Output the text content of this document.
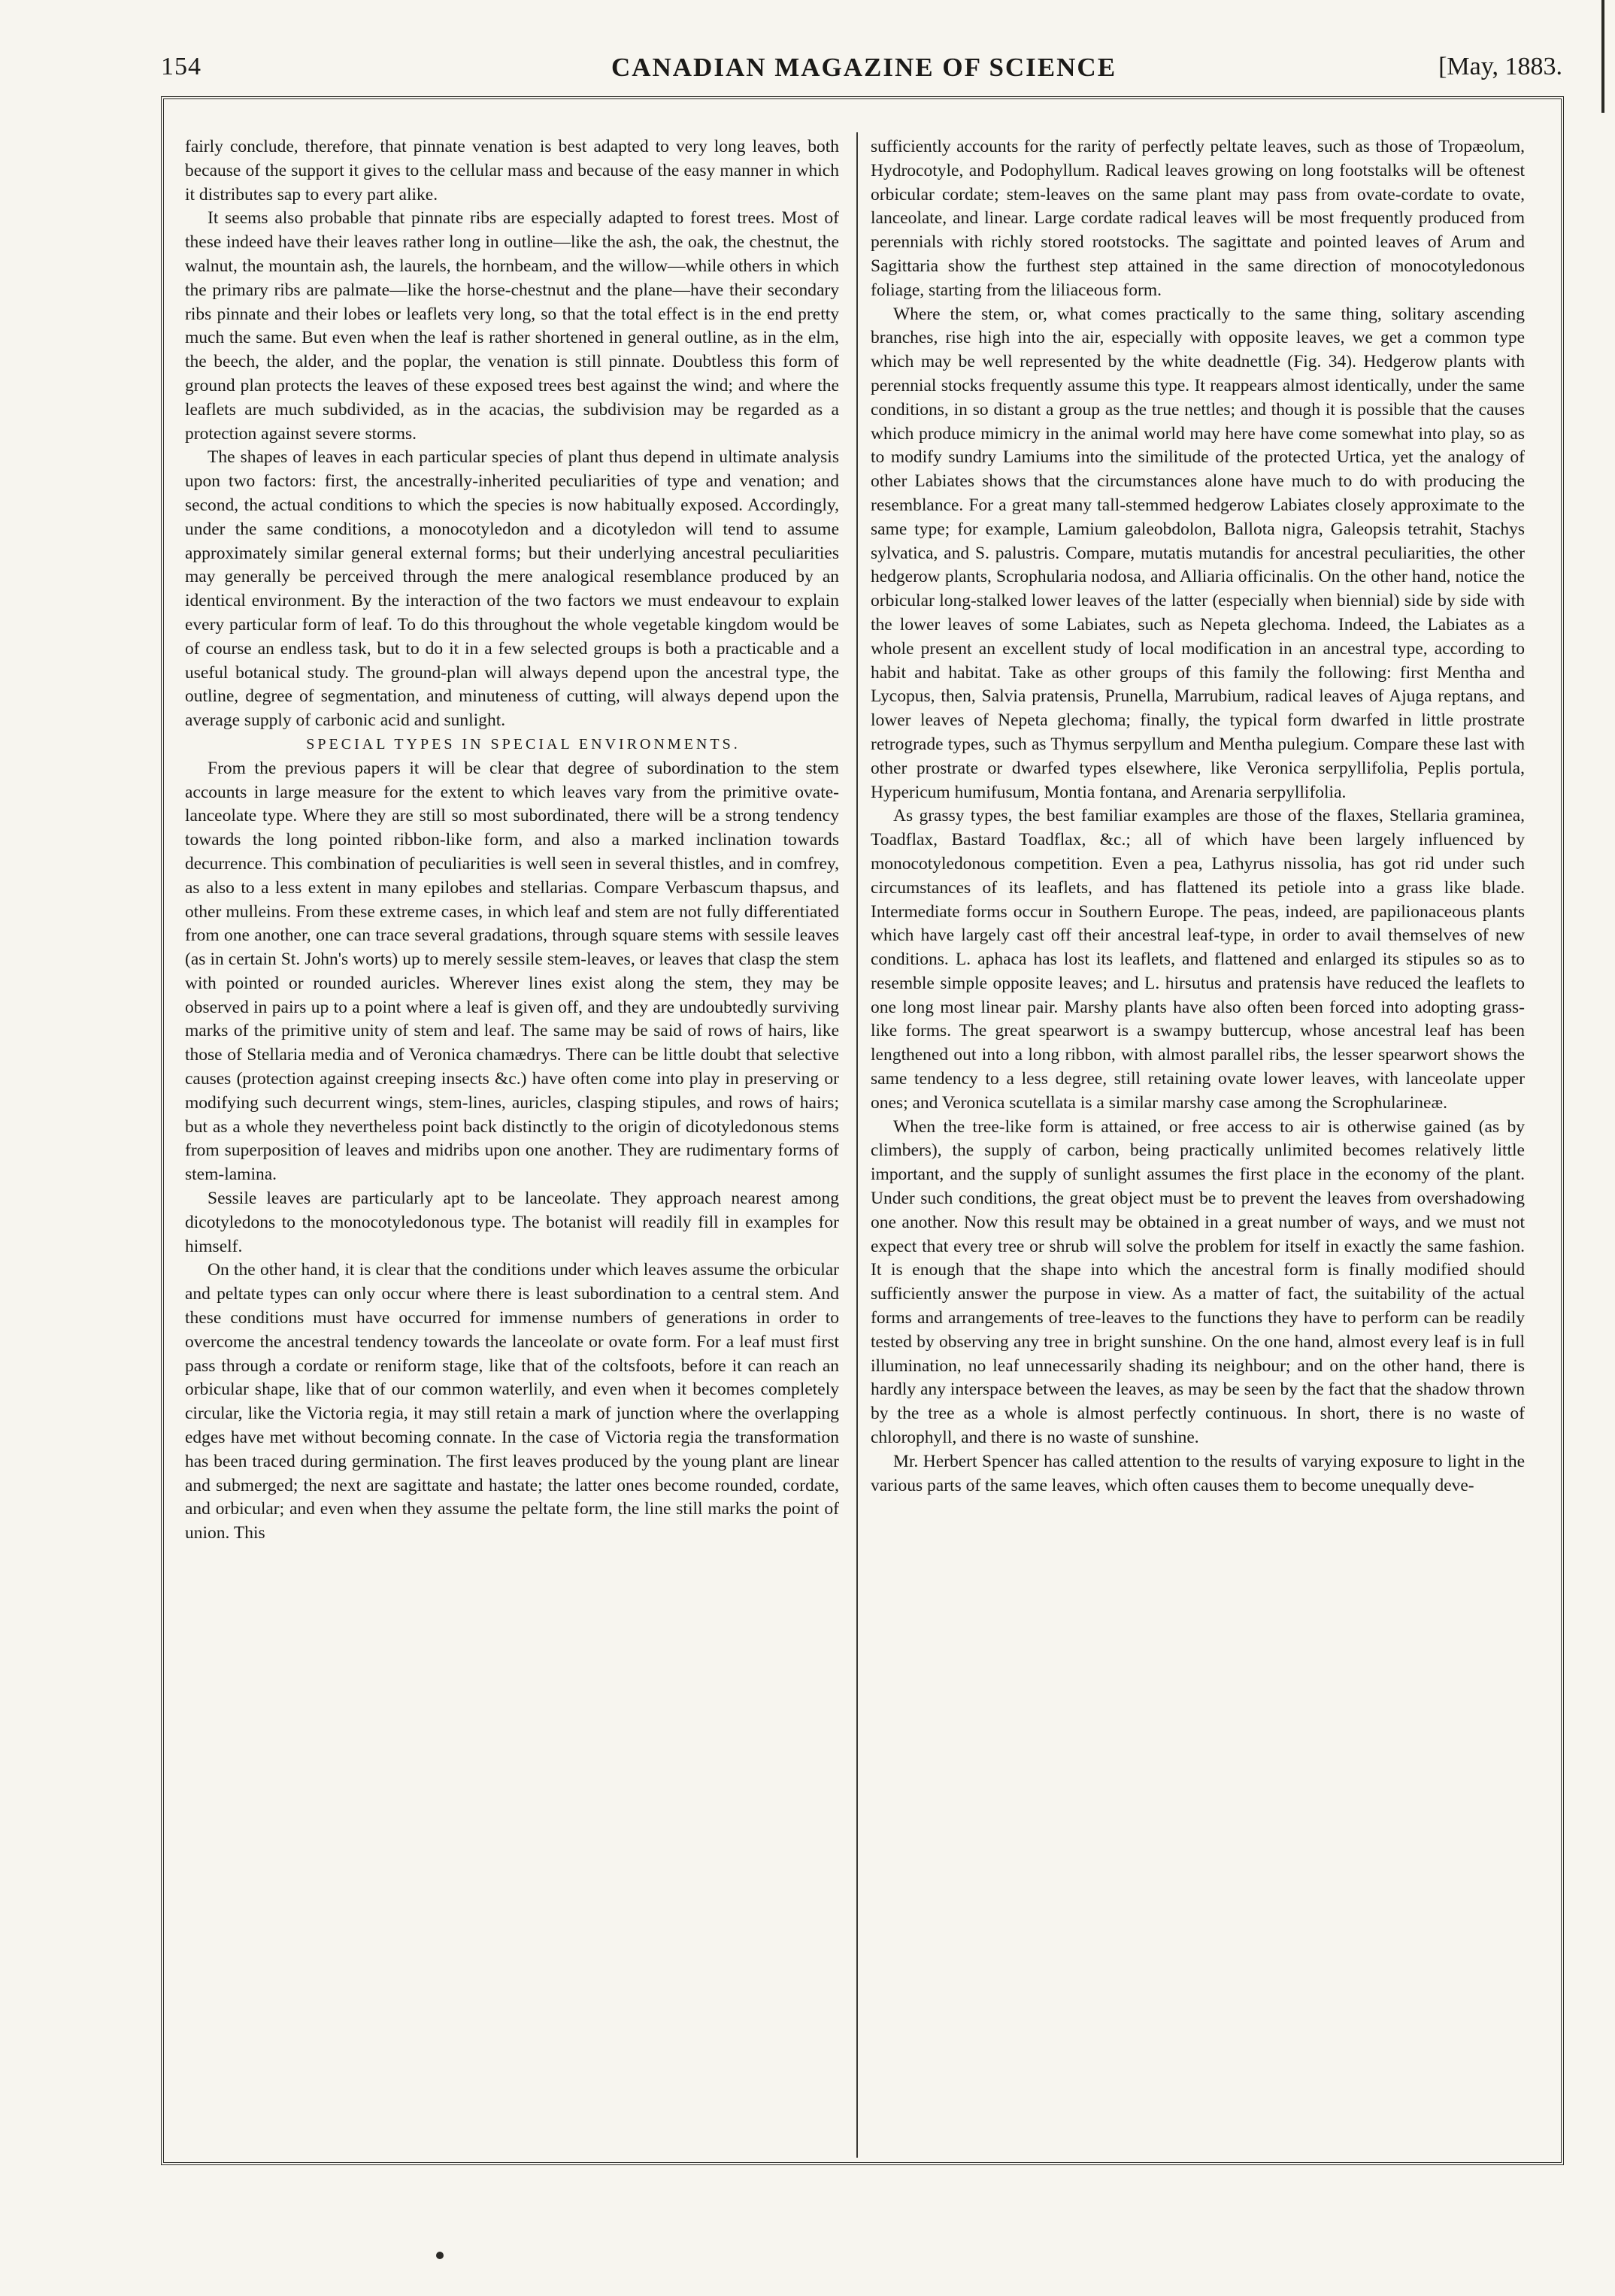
154	CANADIAN MAGAZINE OF SCIENCE	[May, 1883.

fairly conclude, therefore, that pinnate venation is best adapted to very long leaves, both because of the support it gives to the cellular mass and because of the easy manner in which it distributes sap to every part alike.

It seems also probable that pinnate ribs are especially adapted to forest trees. Most of these indeed have their leaves rather long in outline—like the ash, the oak, the chestnut, the walnut, the mountain ash, the laurels, the hornbeam, and the willow—while others in which the primary ribs are palmate—like the horse-chestnut and the plane—have their secondary ribs pinnate and their lobes or leaflets very long, so that the total effect is in the end pretty much the same. But even when the leaf is rather shortened in general outline, as in the elm, the beech, the alder, and the poplar, the venation is still pinnate. Doubtless this form of ground plan protects the leaves of these exposed trees best against the wind; and where the leaflets are much subdivided, as in the acacias, the subdivision may be regarded as a protection against severe storms.

The shapes of leaves in each particular species of plant thus depend in ultimate analysis upon two factors: first, the ancestrally-inherited peculiarities of type and venation; and second, the actual conditions to which the species is now habitually exposed. Accordingly, under the same conditions, a monocotyledon and a dicotyledon will tend to assume approximately similar general external forms; but their underlying ancestral peculiarities may generally be perceived through the mere analogical resemblance produced by an identical environment. By the interaction of the two factors we must endeavour to explain every particular form of leaf. To do this throughout the whole vegetable kingdom would be of course an endless task, but to do it in a few selected groups is both a practicable and a useful botanical study. The ground-plan will always depend upon the ancestral type, the outline, degree of segmentation, and minuteness of cutting, will always depend upon the average supply of carbonic acid and sunlight.

SPECIAL TYPES IN SPECIAL ENVIRONMENTS.

From the previous papers it will be clear that degree of subordination to the stem accounts in large measure for the extent to which leaves vary from the primitive ovate-lanceolate type. Where they are still so most subordinated, there will be a strong tendency towards the long pointed ribbon-like form, and also a marked inclination towards decurrence. This combination of peculiarities is well seen in several thistles, and in comfrey, as also to a less extent in many epilobes and stellarias. Compare Verbascum thapsus, and other mulleins. From these extreme cases, in which leaf and stem are not fully differentiated from one another, one can trace several gradations, through square stems with sessile leaves (as in certain St. John's worts) up to merely sessile stem-leaves, or leaves that clasp the stem with pointed or rounded auricles. Wherever lines exist along the stem, they may be observed in pairs up to a point where a leaf is given off, and they are undoubtedly surviving marks of the primitive unity of stem and leaf. The same may be said of rows of hairs, like those of Stellaria media and of Veronica chamædrys. There can be little doubt that selective causes (protection against creeping insects &c.) have often come into play in preserving or modifying such decurrent wings, stem-lines, auricles, clasping stipules, and rows of hairs; but as a whole they nevertheless point back distinctly to the origin of dicotyledonous stems from superposition of leaves and midribs upon one another. They are rudimentary forms of stem-lamina.

Sessile leaves are particularly apt to be lanceolate. They approach nearest among dicotyledons to the monocotyledonous type. The botanist will readily fill in examples for himself.

On the other hand, it is clear that the conditions under which leaves assume the orbicular and peltate types can only occur where there is least subordination to a central stem. And these conditions must have occurred for immense numbers of generations in order to overcome the ancestral tendency towards the lanceolate or ovate form. For a leaf must first pass through a cordate or reniform stage, like that of the coltsfoots, before it can reach an orbicular shape, like that of our common waterlily, and even when it becomes completely circular, like the Victoria regia, it may still retain a mark of junction where the overlapping edges have met without becoming connate. In the case of Victoria regia the transformation has been traced during germination. The first leaves produced by the young plant are linear and submerged; the next are sagittate and hastate; the latter ones become rounded, cordate, and orbicular; and even when they assume the peltate form, the line still marks the point of union. This

sufficiently accounts for the rarity of perfectly peltate leaves, such as those of Tropæolum, Hydrocotyle, and Podophyllum. Radical leaves growing on long footstalks will be oftenest orbicular cordate; stem-leaves on the same plant may pass from ovate-cordate to ovate, lanceolate, and linear. Large cordate radical leaves will be most frequently produced from perennials with richly stored rootstocks. The sagittate and pointed leaves of Arum and Sagittaria show the furthest step attained in the same direction of monocotyledonous foliage, starting from the liliaceous form.

Where the stem, or, what comes practically to the same thing, solitary ascending branches, rise high into the air, especially with opposite leaves, we get a common type which may be well represented by the white deadnettle (Fig. 34). Hedgerow plants with perennial stocks frequently assume this type. It reappears almost identically, under the same conditions, in so distant a group as the true nettles; and though it is possible that the causes which produce mimicry in the animal world may here have come somewhat into play, so as to modify sundry Lamiums into the similitude of the protected Urtica, yet the analogy of other Labiates shows that the circumstances alone have much to do with producing the resemblance. For a great many tall-stemmed hedgerow Labiates closely approximate to the same type; for example, Lamium galeobdolon, Ballota nigra, Galeopsis tetrahit, Stachys sylvatica, and S. palustris. Compare, mutatis mutandis for ancestral peculiarities, the other hedgerow plants, Scrophularia nodosa, and Alliaria officinalis. On the other hand, notice the orbicular long-stalked lower leaves of the latter (especially when biennial) side by side with the lower leaves of some Labiates, such as Nepeta glechoma. Indeed, the Labiates as a whole present an excellent study of local modification in an ancestral type, according to habit and habitat. Take as other groups of this family the following: first Mentha and Lycopus, then, Salvia pratensis, Prunella, Marrubium, radical leaves of Ajuga reptans, and lower leaves of Nepeta glechoma; finally, the typical form dwarfed in little prostrate retrograde types, such as Thymus serpyllum and Mentha pulegium. Compare these last with other prostrate or dwarfed types elsewhere, like Veronica serpyllifolia, Peplis portula, Hypericum humifusum, Montia fontana, and Arenaria serpyllifolia.

As grassy types, the best familiar examples are those of the flaxes, Stellaria graminea, Toadflax, Bastard Toadflax, &c.; all of which have been largely influenced by monocotyledonous competition. Even a pea, Lathyrus nissolia, has got rid under such circumstances of its leaflets, and has flattened its petiole into a grass like blade. Intermediate forms occur in Southern Europe. The peas, indeed, are papilionaceous plants which have largely cast off their ancestral leaf-type, in order to avail themselves of new conditions. L. aphaca has lost its leaflets, and flattened and enlarged its stipules so as to resemble simple opposite leaves; and L. hirsutus and pratensis have reduced the leaflets to one long most linear pair. Marshy plants have also often been forced into adopting grass-like forms. The great spearwort is a swampy buttercup, whose ancestral leaf has been lengthened out into a long ribbon, with almost parallel ribs, the lesser spearwort shows the same tendency to a less degree, still retaining ovate lower leaves, with lanceolate upper ones; and Veronica scutellata is a similar marshy case among the Scrophularineæ.

When the tree-like form is attained, or free access to air is otherwise gained (as by climbers), the supply of carbon, being practically unlimited becomes relatively little important, and the supply of sunlight assumes the first place in the economy of the plant. Under such conditions, the great object must be to prevent the leaves from overshadowing one another. Now this result may be obtained in a great number of ways, and we must not expect that every tree or shrub will solve the problem for itself in exactly the same fashion. It is enough that the shape into which the ancestral form is finally modified should sufficiently answer the purpose in view. As a matter of fact, the suitability of the actual forms and arrangements of tree-leaves to the functions they have to perform can be readily tested by observing any tree in bright sunshine. On the one hand, almost every leaf is in full illumination, no leaf unnecessarily shading its neighbour; and on the other hand, there is hardly any interspace between the leaves, as may be seen by the fact that the shadow thrown by the tree as a whole is almost perfectly continuous. In short, there is no waste of chlorophyll, and there is no waste of sunshine.

Mr. Herbert Spencer has called attention to the results of varying exposure to light in the various parts of the same leaves, which often causes them to become unequally deve-
